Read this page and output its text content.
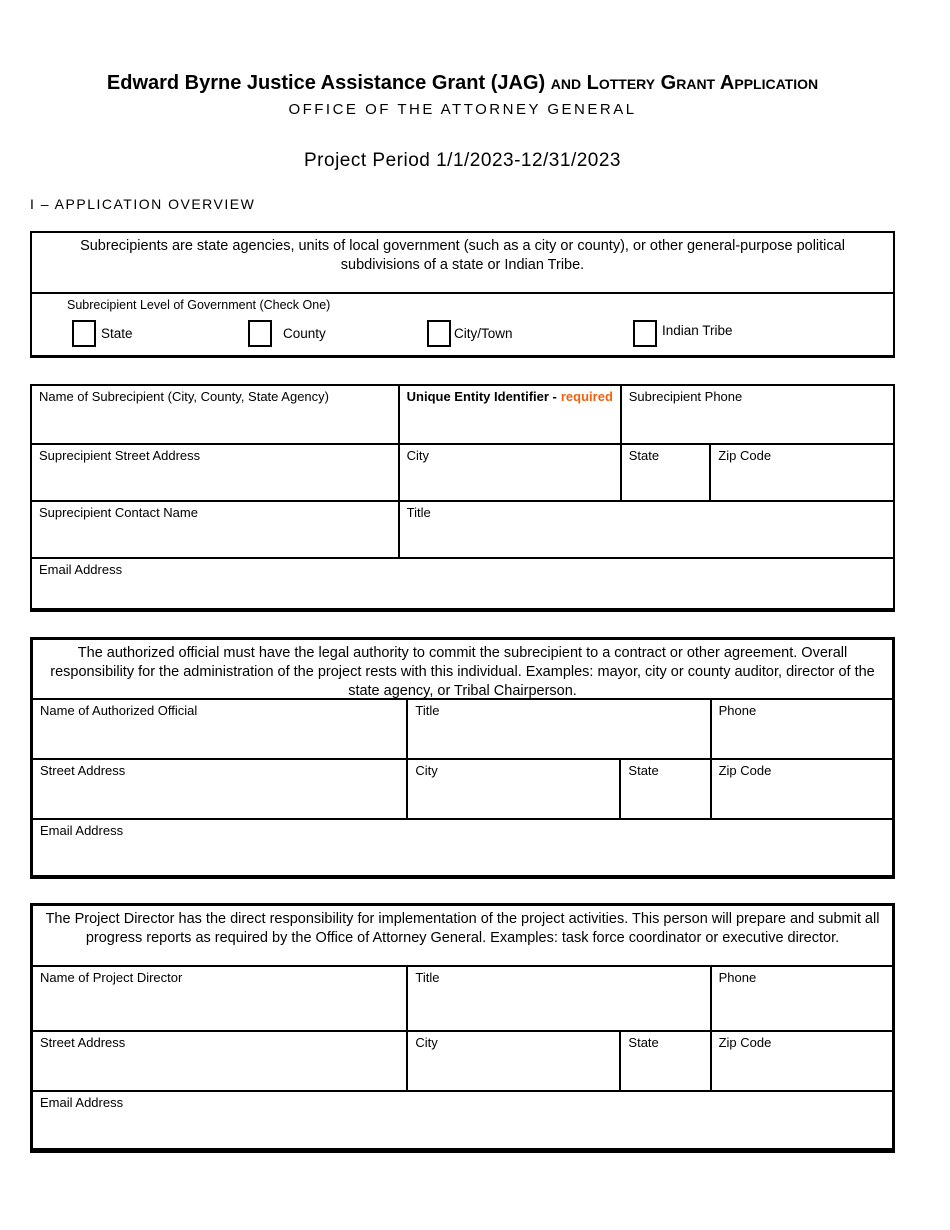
Edward Byrne Justice Assistance Grant (JAG) and Lottery Grant Application
OFFICE OF THE ATTORNEY GENERAL
Project Period 1/1/2023-12/31/2023
I – APPLICATION OVERVIEW
Subrecipients are state agencies, units of local government (such as a city or county), or other general-purpose political subdivisions of a state or Indian Tribe.
Subrecipient Level of Government (Check One)
State	County	City/Town	Indian Tribe
Name of Subrecipient (City, County, State Agency)	Unique Entity Identifier - required	Subrecipient Phone
Suprecipient Street Address	City	State	Zip Code
Suprecipient Contact Name	Title
Email Address
The authorized official must have the legal authority to commit the subrecipient to a contract or other agreement. Overall responsibility for the administration of the project rests with this individual. Examples: mayor, city or county auditor, director of the state agency, or Tribal Chairperson.
Name of Authorized Official	Title	Phone
Street Address	City	State	Zip Code
Email Address
The Project Director has the direct responsibility for implementation of the project activities. This person will prepare and submit all progress reports as required by the Office of Attorney General. Examples: task force coordinator or executive director.
Name of Project Director	Title	Phone
Street Address	City	State	Zip Code
Email Address
